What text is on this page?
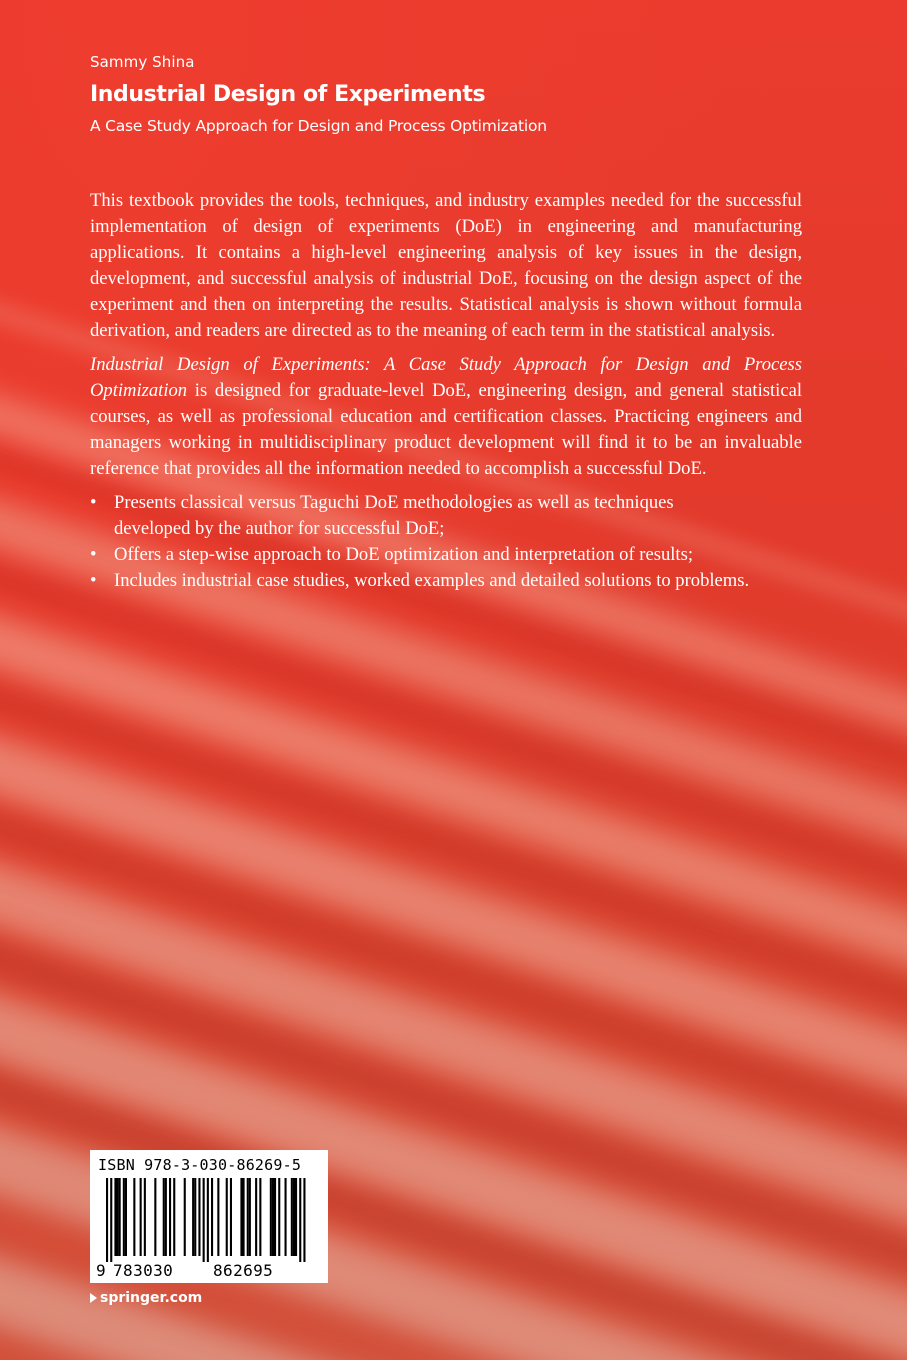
Sammy Shina
Industrial Design of Experiments
A Case Study Approach for Design and Process Optimization

This textbook provides the tools, techniques, and industry examples needed for the successful implementation of design of experiments (DoE) in engineering and manufacturing applications. It contains a high-level engineering analysis of key issues in the design, development, and successful analysis of industrial DoE, focusing on the design aspect of the experiment and then on interpreting the results. Statistical analysis is shown without formula derivation, and readers are directed as to the meaning of each term in the statistical analysis.

Industrial Design of Experiments: A Case Study Approach for Design and Process Optimization is designed for graduate-level DoE, engineering design, and general statistical courses, as well as professional education and certification classes. Practicing engineers and managers working in multidisciplinary product development will find it to be an invaluable reference that provides all the information needed to accomplish a successful DoE.

• Presents classical versus Taguchi DoE methodologies as well as techniques developed by the author for successful DoE;
• Offers a step-wise approach to DoE optimization and interpretation of results;
• Includes industrial case studies, worked examples and detailed solutions to problems.
ISBN 978-3-030-86269-5
9 783030 862695
springer.com
